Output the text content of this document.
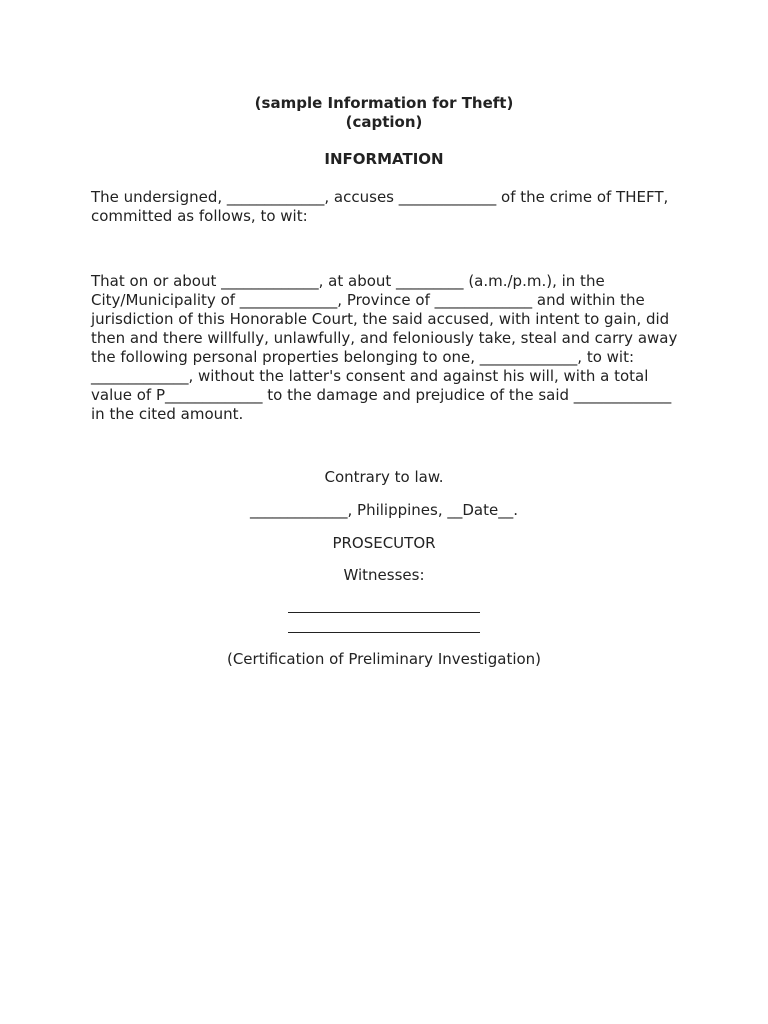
(sample Information for Theft)

(caption)

INFORMATION

The undersigned, _____________, accuses _____________ of the crime of THEFT, committed as follows, to wit:

That on or about _____________, at about _________ (a.m./p.m.), in the City/Municipality of _____________, Province of _____________ and within the jurisdiction of this Honorable Court, the said accused, with intent to gain, did then and there willfully, unlawfully, and feloniously take, steal and carry away the following personal properties belonging to one, _____________, to wit: _____________, without the latter's consent and against his will, with a total value of P_____________ to the damage and prejudice of the said _____________ in the cited amount.

Contrary to law.

_____________, Philippines, __Date__.

PROSECUTOR

Witnesses:

(Certification of Preliminary Investigation)
